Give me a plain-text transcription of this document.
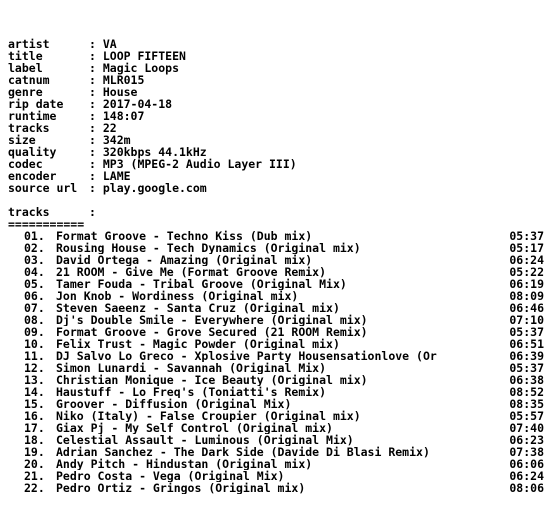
artist	: VA
title	: LOOP FIFTEEN
label	: Magic Loops
catnum	: MLR015
genre	: House
rip date : 2017-04-18
runtime	: 148:07
tracks	: 22
size	: 342m
quality	: 320kbps 44.1kHz
codec	: MP3 (MPEG-2 Audio Layer III)
encoder	: LAME
source url : play.google.com
tracks	:
===========
01. Format Groove - Techno Kiss (Dub mix)	05:37
02. Rousing House - Tech Dynamics (Original mix)	05:17
03. David Ortega - Amazing (Original mix)	06:24
04. 21 ROOM - Give Me (Format Groove Remix)	05:22
05. Tamer Fouda - Tribal Groove (Original Mix)	06:19
06. Jon Knob - Wordiness (Original mix)	08:09
07. Steven Saeenz - Santa Cruz (Original mix)	06:46
08. Dj's Double Smile - Everywhere (Original mix)	07:10
09. Format Groove - Grove Secured (21 ROOM Remix)	05:37
10. Felix Trust - Magic Powder (Original mix)	06:51
11. DJ Salvo Lo Greco - Xplosive Party Housensationlove (Or	06:39
12. Simon Lunardi - Savannah (Original Mix)	05:37
13. Christian Monique - Ice Beauty (Original mix)	06:38
14. Haustuff - Lo Freq's (Toniatti's Remix)	08:52
15. Groover - Diffusion (Original Mix)	08:35
16. Niko (Italy) - False Croupier (Original mix)	05:57
17. Giax Pj - My Self Control (Original mix)	07:40
18. Celestial Assault - Luminous (Original Mix)	06:23
19. Adrian Sanchez - The Dark Side (Davide Di Blasi Remix)	07:38
20. Andy Pitch - Hindustan (Original mix)	06:06
21. Pedro Costa - Vega (Original Mix)	06:24
22. Pedro Ortiz - Gringos (Original mix)	08:06
